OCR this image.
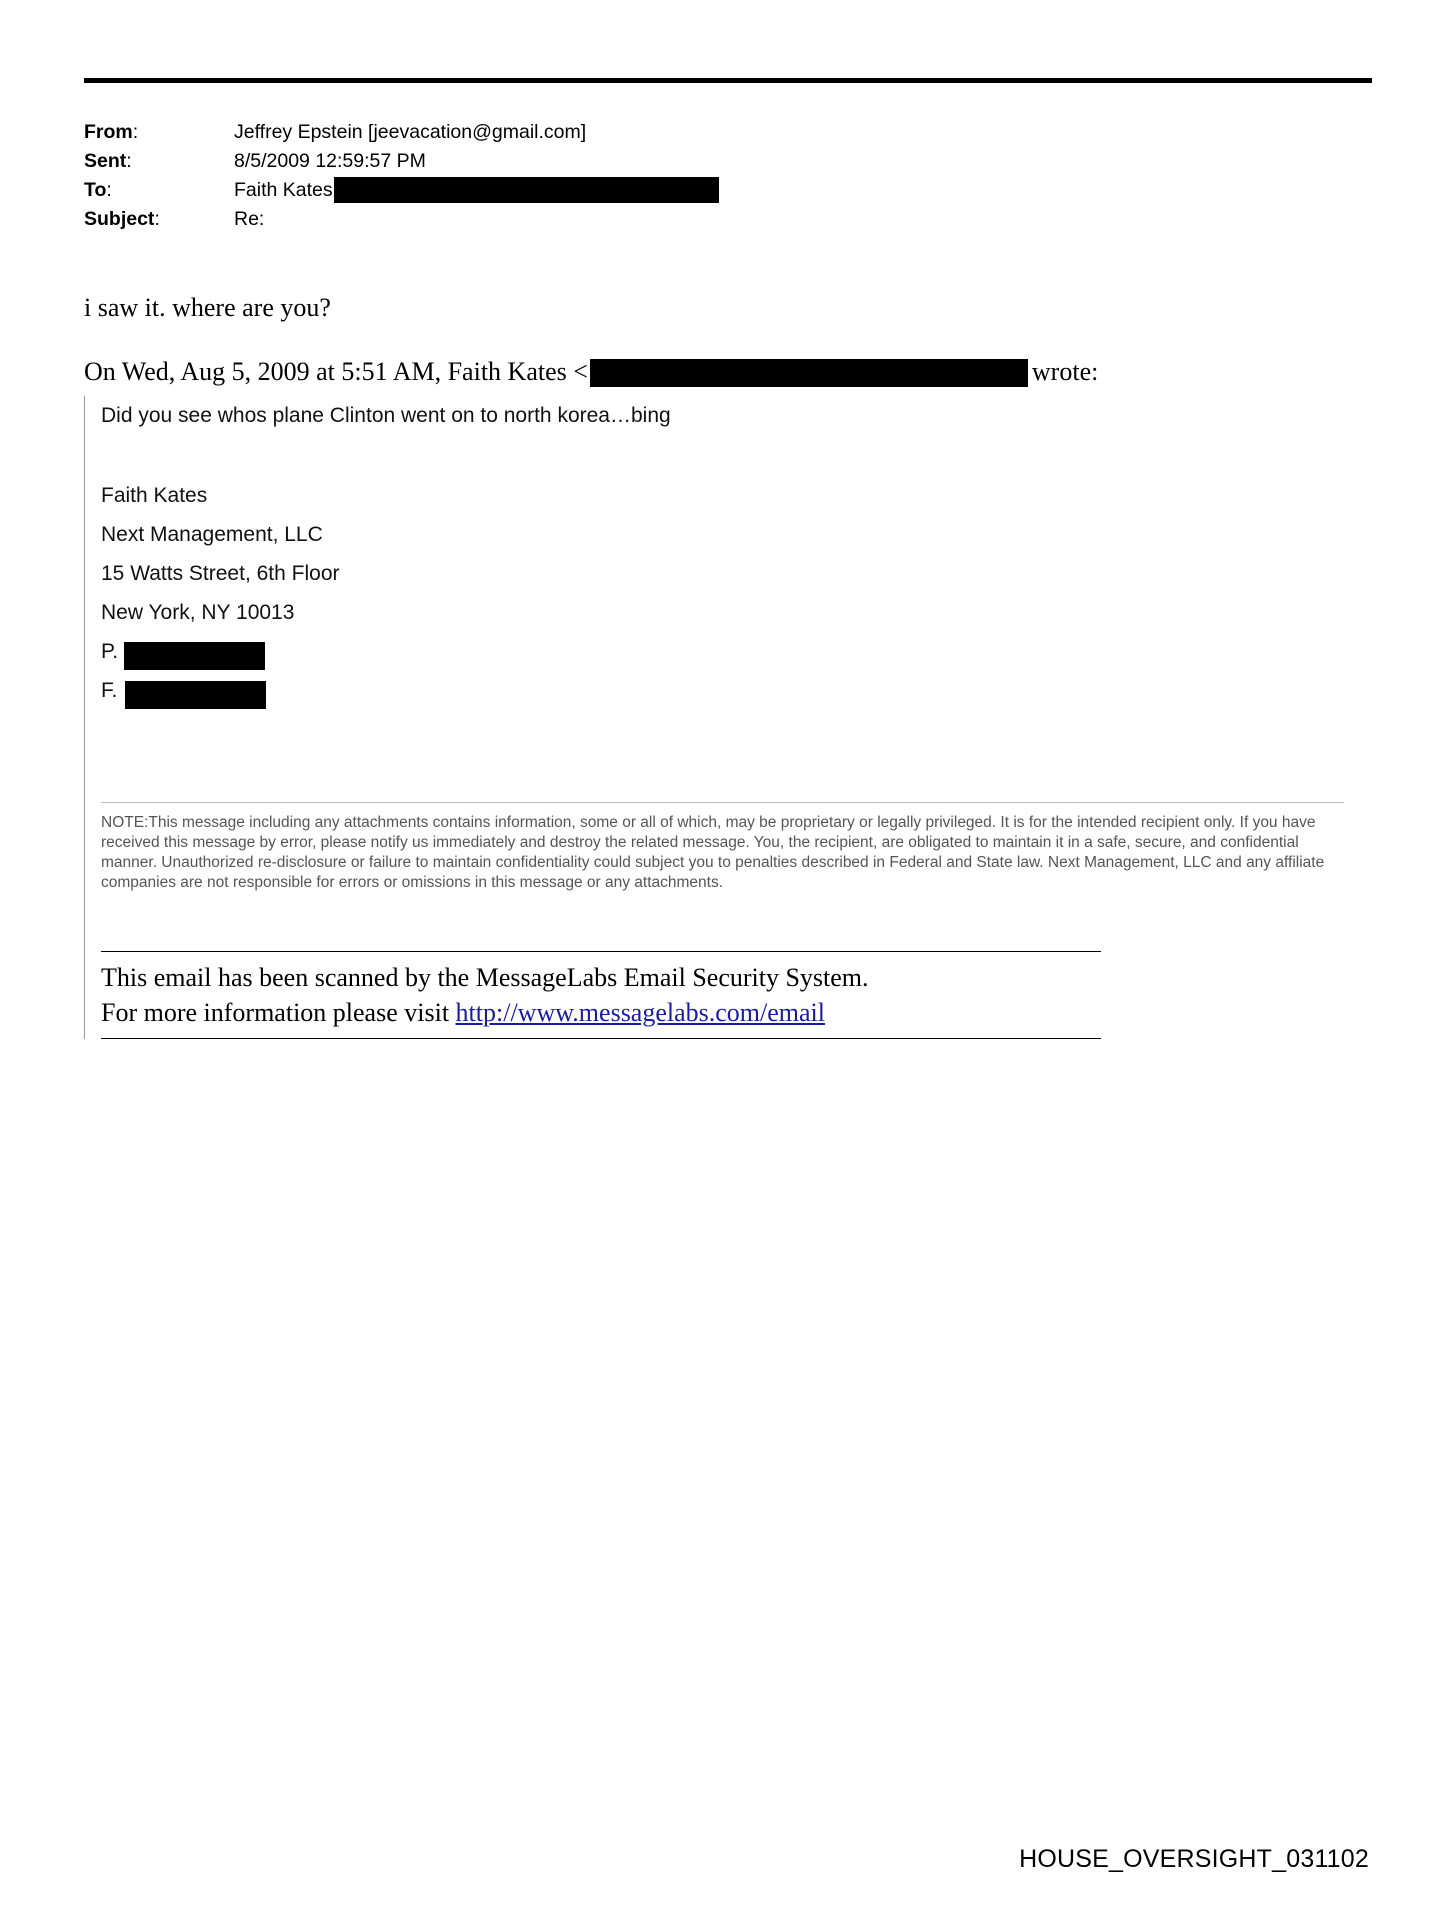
From:	Jeffrey Epstein [jeevacation@gmail.com]
Sent:	8/5/2009 12:59:57 PM
To:	Faith Kates
Subject:	Re:
i saw it. where are you?
On Wed, Aug 5, 2009 at 5:51 AM, Faith Kates <	wrote:

Did you see whos plane Clinton went on to north korea…bing

Faith Kates
Next Management, LLC
15 Watts Street, 6th Floor
New York, NY 10013
P.
F.
NOTE:This message including any attachments contains information, some or all of which, may be proprietary or legally privileged. It is for the intended recipient only. If you have received this message by error, please notify us immediately and destroy the related message. You, the recipient, are obligated to maintain it in a safe, secure, and confidential manner. Unauthorized re-disclosure or failure to maintain confidentiality could subject you to penalties described in Federal and State law. Next Management, LLC and any affiliate companies are not responsible for errors or omissions in this message or any attachments.
This email has been scanned by the MessageLabs Email Security System.
For more information please visit http://www.messagelabs.com/email
HOUSE_OVERSIGHT_031102
